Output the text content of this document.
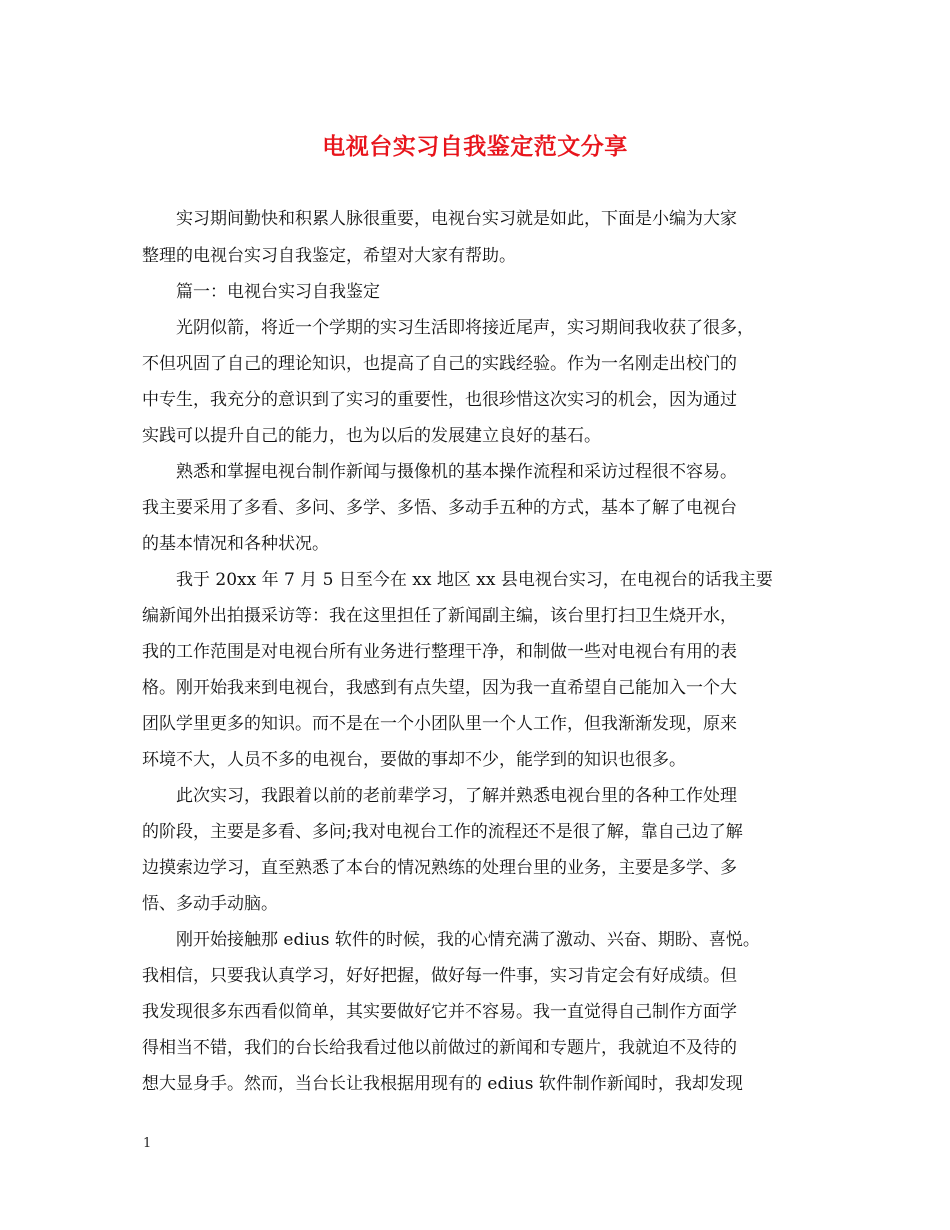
电视台实习自我鉴定范文分享
　　实习期间勤快和积累人脉很重要，电视台实习就是如此，下面是小编为大家
整理的电视台实习自我鉴定，希望对大家有帮助。
　　篇一：电视台实习自我鉴定
　　光阴似箭，将近一个学期的实习生活即将接近尾声，实习期间我收获了很多，
不但巩固了自己的理论知识，也提高了自己的实践经验。作为一名刚走出校门的
中专生，我充分的意识到了实习的重要性，也很珍惜这次实习的机会，因为通过
实践可以提升自己的能力，也为以后的发展建立良好的基石。
　　熟悉和掌握电视台制作新闻与摄像机的基本操作流程和采访过程很不容易。
我主要采用了多看、多问、多学、多悟、多动手五种的方式，基本了解了电视台
的基本情况和各种状况。
　　我于 20xx 年 7 月 5 日至今在 xx 地区 xx 县电视台实习，在电视台的话我主要
编新闻外出拍摄采访等：我在这里担任了新闻副主编，该台里打扫卫生烧开水，
我的工作范围是对电视台所有业务进行整理干净，和制做一些对电视台有用的表
格。刚开始我来到电视台，我感到有点失望，因为我一直希望自己能加入一个大
团队学里更多的知识。而不是在一个小团队里一个人工作，但我渐渐发现，原来
环境不大，人员不多的电视台，要做的事却不少，能学到的知识也很多。
　　此次实习，我跟着以前的老前辈学习，了解并熟悉电视台里的各种工作处理
的阶段，主要是多看、多问;我对电视台工作的流程还不是很了解，靠自己边了解
边摸索边学习，直至熟悉了本台的情况熟练的处理台里的业务，主要是多学、多
悟、多动手动脑。
　　刚开始接触那 edius 软件的时候，我的心情充满了激动、兴奋、期盼、喜悦。
我相信，只要我认真学习，好好把握，做好每一件事，实习肯定会有好成绩。但
我发现很多东西看似简单，其实要做好它并不容易。我一直觉得自己制作方面学
得相当不错，我们的台长给我看过他以前做过的新闻和专题片，我就迫不及待的
想大显身手。然而，当台长让我根据用现有的 edius 软件制作新闻时，我却发现
1
